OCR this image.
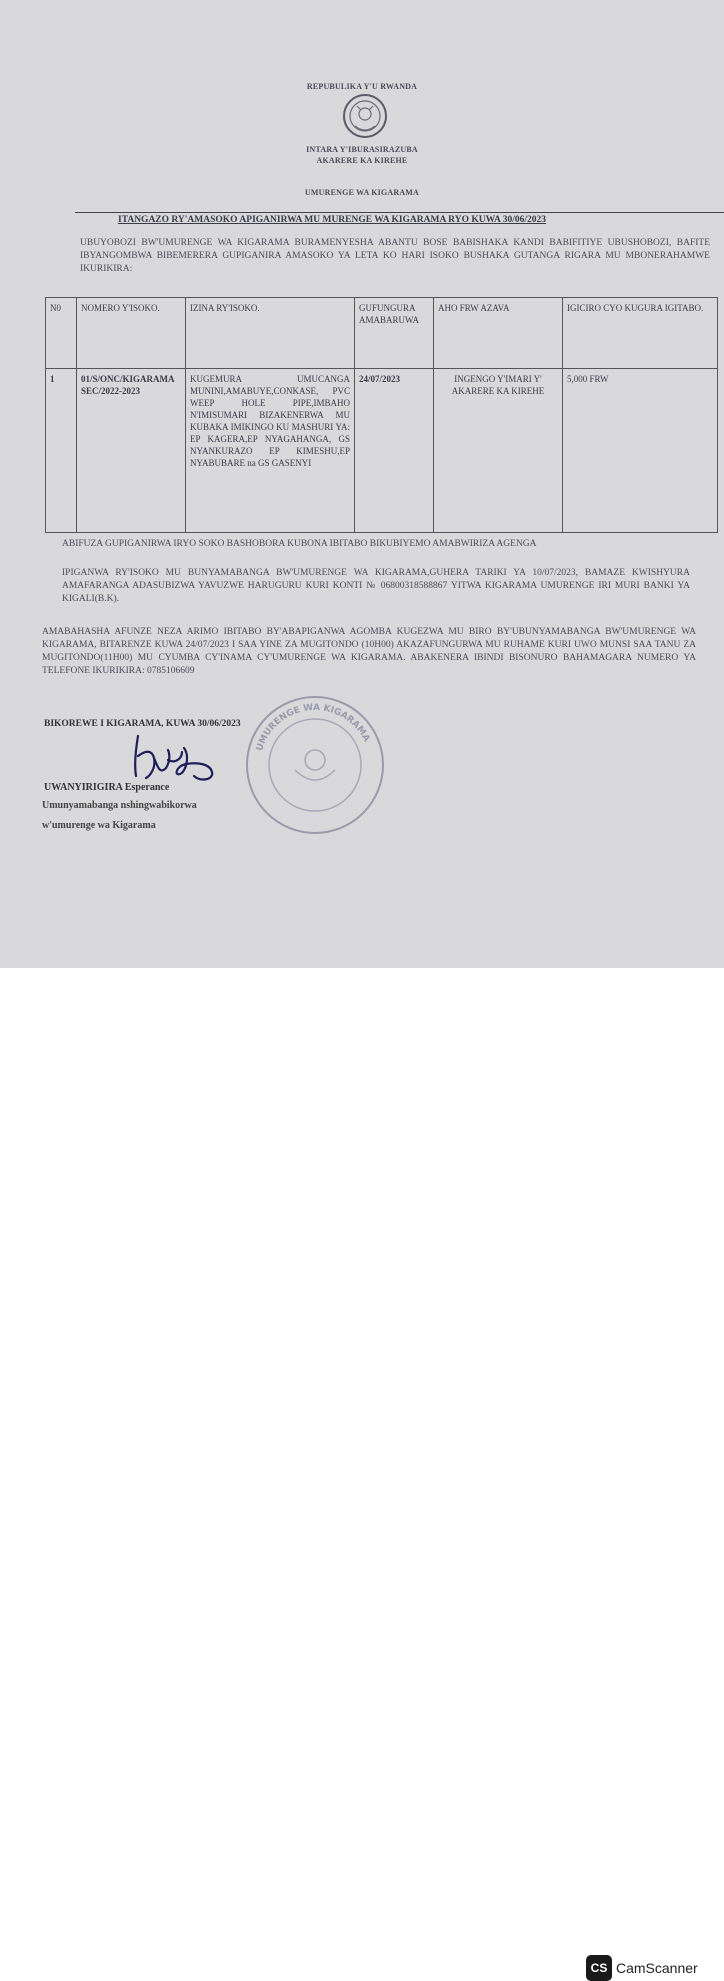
REPUBULIKA Y'U RWANDA
INTARA Y'IBURASIRAZUBA
AKARERE KA KIREHE
UMURENGE WA KIGARAMA
ITANGAZO RY'AMASOKO APIGANIRWA MU MURENGE WA KIGARAMA RYO KUWA 30/06/2023
UBUYOBOZI BW'UMURENGE WA KIGARAMA BURAMENYESHA ABANTU BOSE BABISHAKA KANDI BABIFITIYE UBUSHOBOZI, BAFITE IBYANGOMBWA BIBEMERERA GUPIGANIRA AMASOKO YA LETA KO HARI ISOKO BUSHAKA GUTANGA RIGARA MU MBONERAHAMWE IKURIKIRA:
N0	NOMERO Y'ISOKO.	IZINA RY'ISOKO.	GUFUNGURA AMABARUWA	AHO FRW AZAVA	IGICIRO CYO KUGURA IGITABO.
1	01/S/ONC/KIGARAMA SEC/2022-2023	KUGEMURA UMUCANGA MUNINI,AMABUYE,CONKASE, PVC WEEP HOLE PIPE,IMBAHO N'IMISUMARI BIZAKENERWA MU KUBAKA IMIKINGO KU MASHURI YA: EP KAGERA,EP NYAGAHANGA, GS NYANKURAZO EP KIMESHU,EP NYABUBARE na GS GASENYI	24/07/2023	INGENGO Y'IMARI Y' AKARERE KA KIREHE	5,000 FRW
ABIFUZA GUPIGANIRWA IRYO SOKO BASHOBORA KUBONA IBITABO BIKUBIYEMO AMABWIRIZA AGENGA
IPIGANWA RY'ISOKO MU BUNYAMABANGA BW'UMURENGE WA KIGARAMA,GUHERA TARIKI YA 10/07/2023, BAMAZE KWISHYURA AMAFARANGA ADASUBIZWA YAVUZWE HARUGURU KURI KONTI № 06800318588867 YITWA KIGARAMA UMURENGE IRI MURI BANKI YA KIGALI(B.K).
AMABAHASHA AFUNZE NEZA ARIMO IBITABO BY'ABAPIGANWA AGOMBA KUGEZWA MU BIRO BY'UBUNYAMABANGA BW'UMURENGE WA KIGARAMA, BITARENZE KUWA 24/07/2023 I SAA YINE ZA MUGITONDO (10H00) AKAZAFUNGURWA MU RUHAME KURI UWO MUNSI SAA TANU ZA MUGITONDO(11H00) MU CYUMBA CY'INAMA CY'UMURENGE WA KIGARAMA. ABAKENERA IBINDI BISONURO BAHAMAGARA NUMERO YA TELEFONE IKURIKIRA: 0785106609
BIKOREWE I KIGARAMA, KUWA 30/06/2023
UMURENGE WA KIGARAMA
UWANYIRIGIRA Esperance
Umunyamabanga nshingwabikorwa
w'umurenge wa Kigarama
CS CamScanner
